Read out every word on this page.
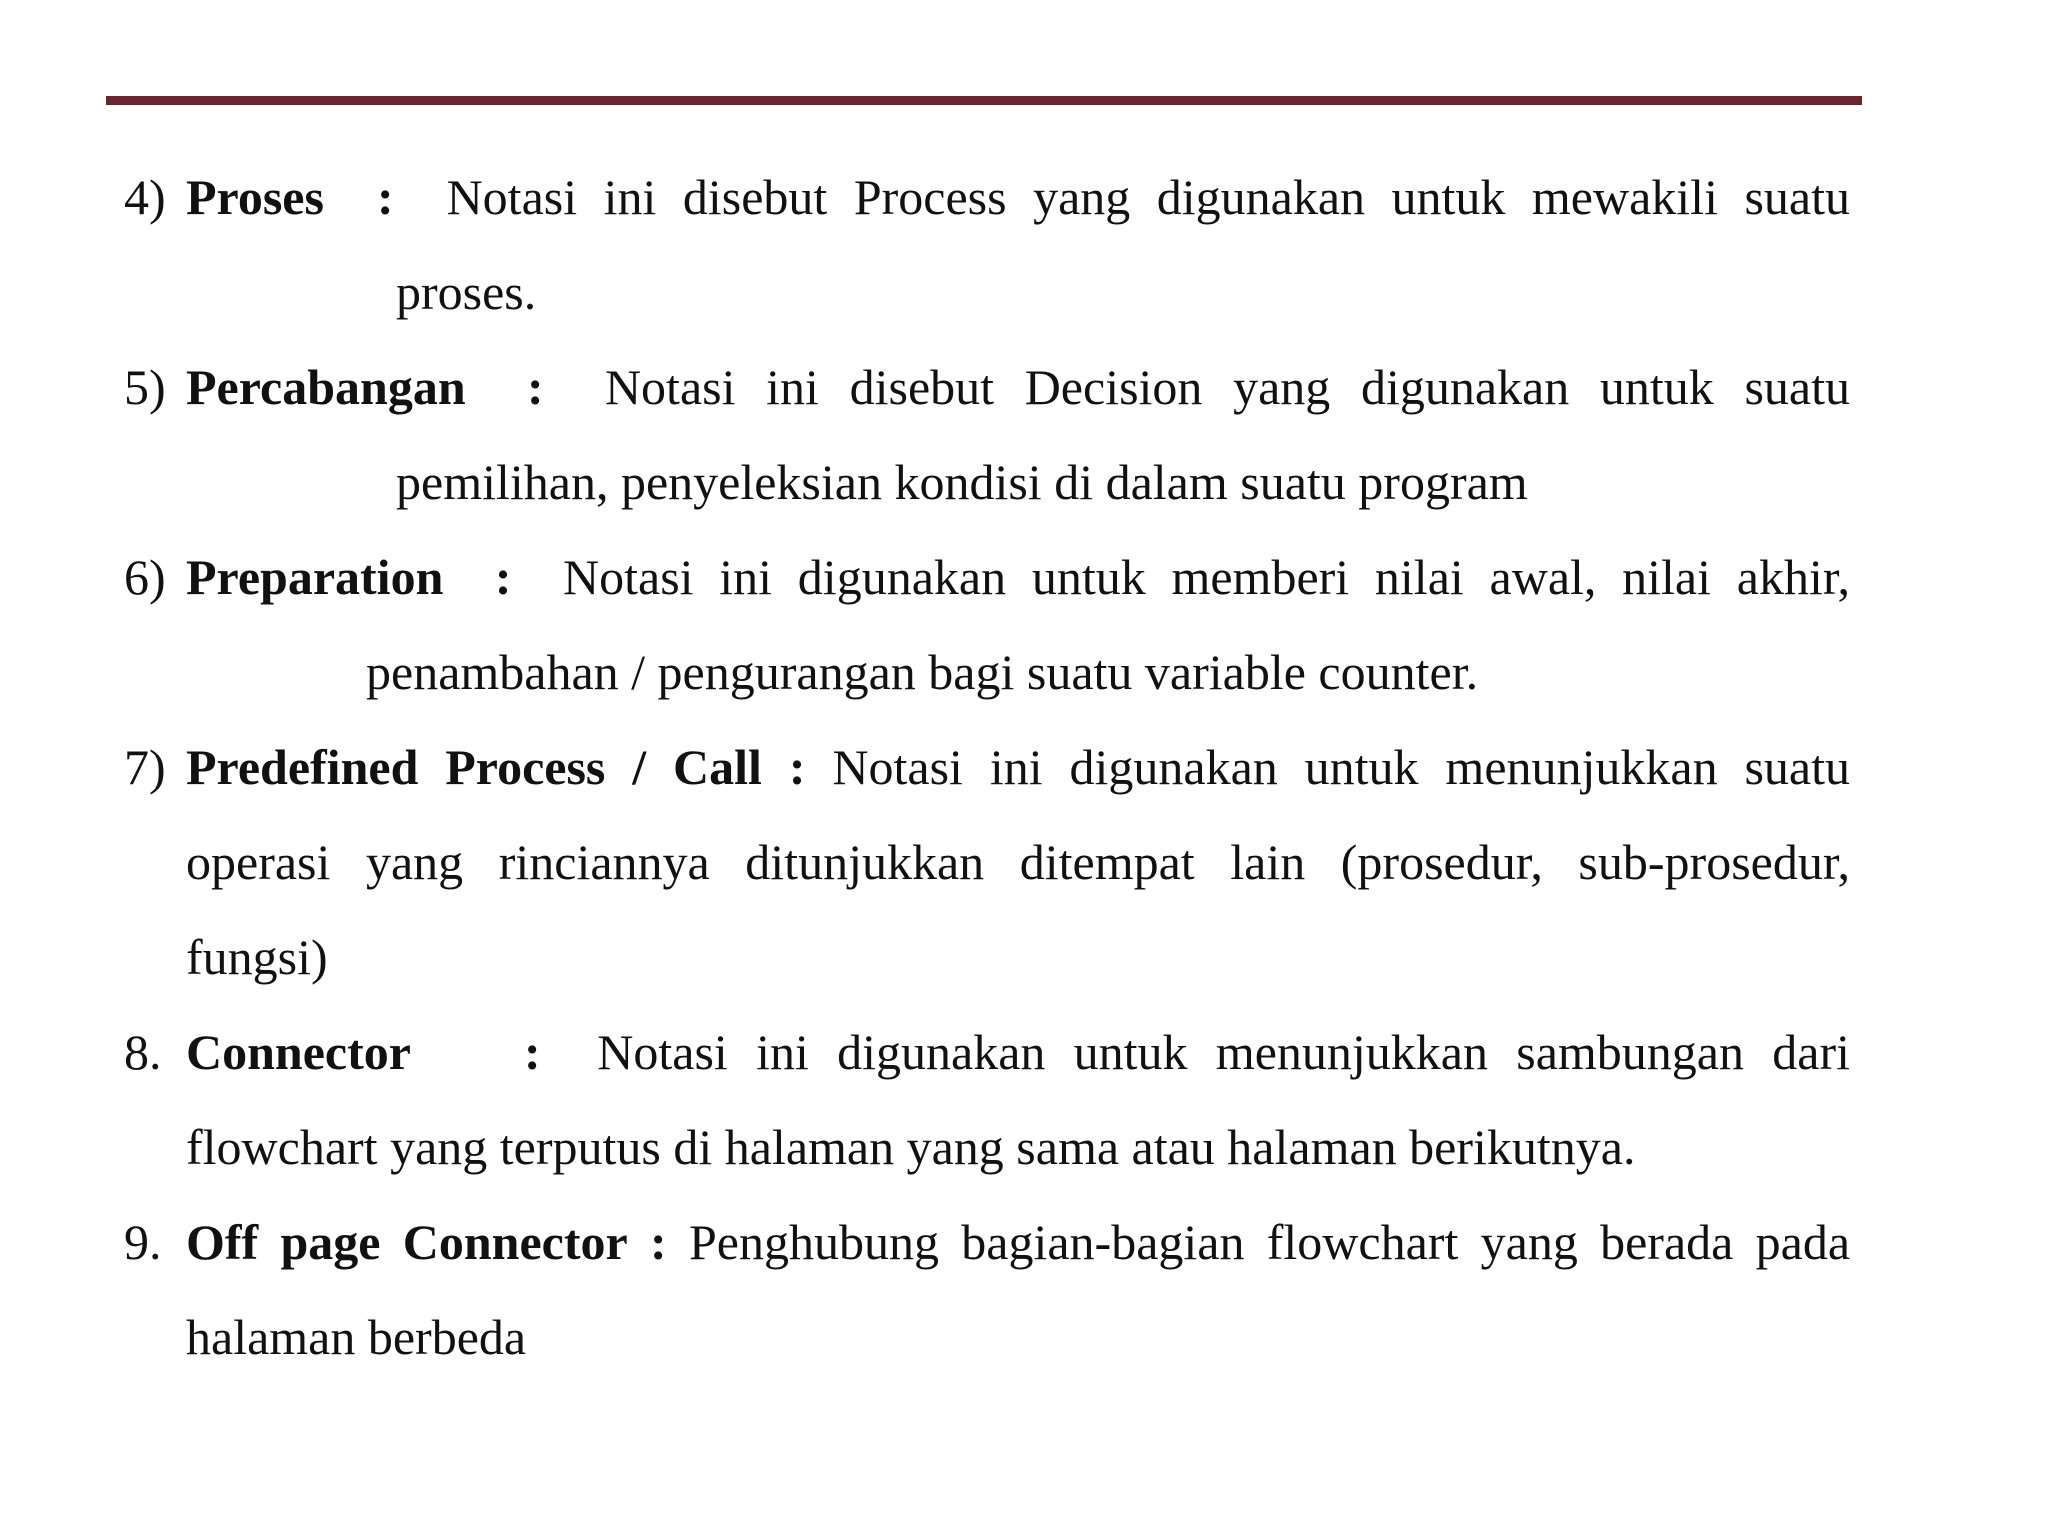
4) Proses : Notasi ini disebut Process yang digunakan untuk mewakili suatu
proses.
5) Percabangan : Notasi ini disebut Decision yang digunakan untuk suatu
pemilihan, penyeleksian kondisi di dalam suatu program
6) Preparation : Notasi ini digunakan untuk memberi nilai awal, nilai akhir,
penambahan / pengurangan bagi suatu variable counter.
7) Predefined Process / Call : Notasi ini digunakan untuk menunjukkan suatu
operasi yang rinciannya ditunjukkan ditempat lain (prosedur, sub-prosedur,
fungsi)
8. Connector : Notasi ini digunakan untuk menunjukkan sambungan dari
flowchart yang terputus di halaman yang sama atau halaman berikutnya.
9. Off page Connector : Penghubung bagian-bagian flowchart yang berada pada
halaman berbeda
